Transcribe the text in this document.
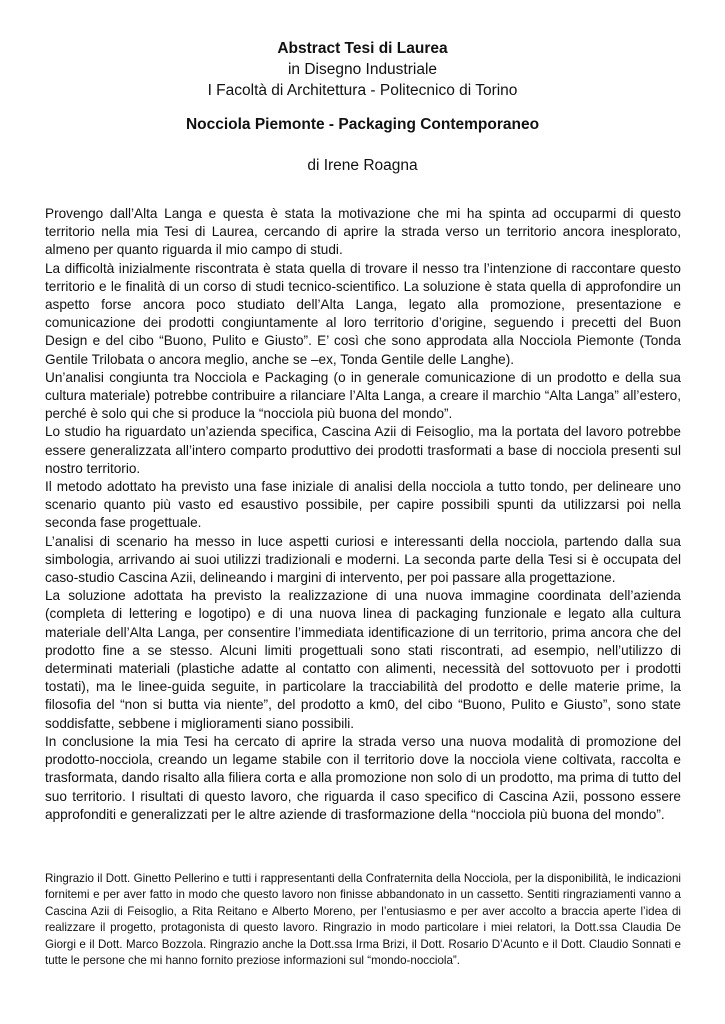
Abstract Tesi di Laurea
in Disegno Industriale
I Facoltà di Architettura - Politecnico di Torino
Nocciola Piemonte - Packaging Contemporaneo
di Irene Roagna

Provengo dall’Alta Langa e questa è stata la motivazione che mi ha spinta ad occuparmi di questo territorio nella mia Tesi di Laurea, cercando di aprire la strada verso un territorio ancora inesplorato, almeno per quanto riguarda il mio campo di studi.

La difficoltà inizialmente riscontrata è stata quella di trovare il nesso tra l’intenzione di raccontare questo territorio e le finalità di un corso di studi tecnico-scientifico. La soluzione è stata quella di approfondire un aspetto forse ancora poco studiato dell’Alta Langa, legato alla promozione, presentazione e comunicazione dei prodotti congiuntamente al loro territorio d’origine, seguendo i precetti del Buon Design e del cibo “Buono, Pulito e Giusto”. E’ così che sono approdata alla Nocciola Piemonte (Tonda Gentile Trilobata o ancora meglio, anche se –ex, Tonda Gentile delle Langhe).

Un’analisi congiunta tra Nocciola e Packaging (o in generale comunicazione di un prodotto e della sua cultura materiale) potrebbe contribuire a rilanciare l’Alta Langa, a creare il marchio “Alta Langa” all’estero, perché è solo qui che si produce la “nocciola più buona del mondo”.

Lo studio ha riguardato un’azienda specifica, Cascina Azii di Feisoglio, ma la portata del lavoro potrebbe essere generalizzata all’intero comparto produttivo dei prodotti trasformati a base di nocciola presenti sul nostro territorio.

Il metodo adottato ha previsto una fase iniziale di analisi della nocciola a tutto tondo, per delineare uno scenario quanto più vasto ed esaustivo possibile, per capire possibili spunti da utilizzarsi poi nella seconda fase progettuale.

L’analisi di scenario ha messo in luce aspetti curiosi e interessanti della nocciola, partendo dalla sua simbologia, arrivando ai suoi utilizzi tradizionali e moderni. La seconda parte della Tesi si è occupata del caso-studio Cascina Azii, delineando i margini di intervento, per poi passare alla progettazione.

La soluzione adottata ha previsto la realizzazione di una nuova immagine coordinata dell’azienda (completa di lettering e logotipo) e di una nuova linea di packaging funzionale e legato alla cultura materiale dell’Alta Langa, per consentire l’immediata identificazione di un territorio, prima ancora che del prodotto fine a se stesso. Alcuni limiti progettuali sono stati riscontrati, ad esempio, nell’utilizzo di determinati materiali (plastiche adatte al contatto con alimenti, necessità del sottovuoto per i prodotti tostati), ma le linee-guida seguite, in particolare la tracciabilità del prodotto e delle materie prime, la filosofia del “non si butta via niente”, del prodotto a km0, del cibo “Buono, Pulito e Giusto”, sono state soddisfatte, sebbene i miglioramenti siano possibili.

In conclusione la mia Tesi ha cercato di aprire la strada verso una nuova modalità di promozione del prodotto-nocciola, creando un legame stabile con il territorio dove la nocciola viene coltivata, raccolta e trasformata, dando risalto alla filiera corta e alla promozione non solo di un prodotto, ma prima di tutto del suo territorio. I risultati di questo lavoro, che riguarda il caso specifico di Cascina Azii, possono essere approfonditi e generalizzati per le altre aziende di trasformazione della “nocciola più buona del mondo”.

Ringrazio il Dott. Ginetto Pellerino e tutti i rappresentanti della Confraternita della Nocciola, per la disponibilità, le indicazioni fornitemi e per aver fatto in modo che questo lavoro non finisse abbandonato in un cassetto. Sentiti ringraziamenti vanno a Cascina Azii di Feisoglio, a Rita Reitano e Alberto Moreno, per l’entusiasmo e per aver accolto a braccia aperte l’idea di realizzare il progetto, protagonista di questo lavoro. Ringrazio in modo particolare i miei relatori, la Dott.ssa Claudia De Giorgi e il Dott. Marco Bozzola. Ringrazio anche la Dott.ssa Irma Brizi, il Dott. Rosario D’Acunto e il Dott. Claudio Sonnati e tutte le persone che mi hanno fornito preziose informazioni sul “mondo-nocciola”.
